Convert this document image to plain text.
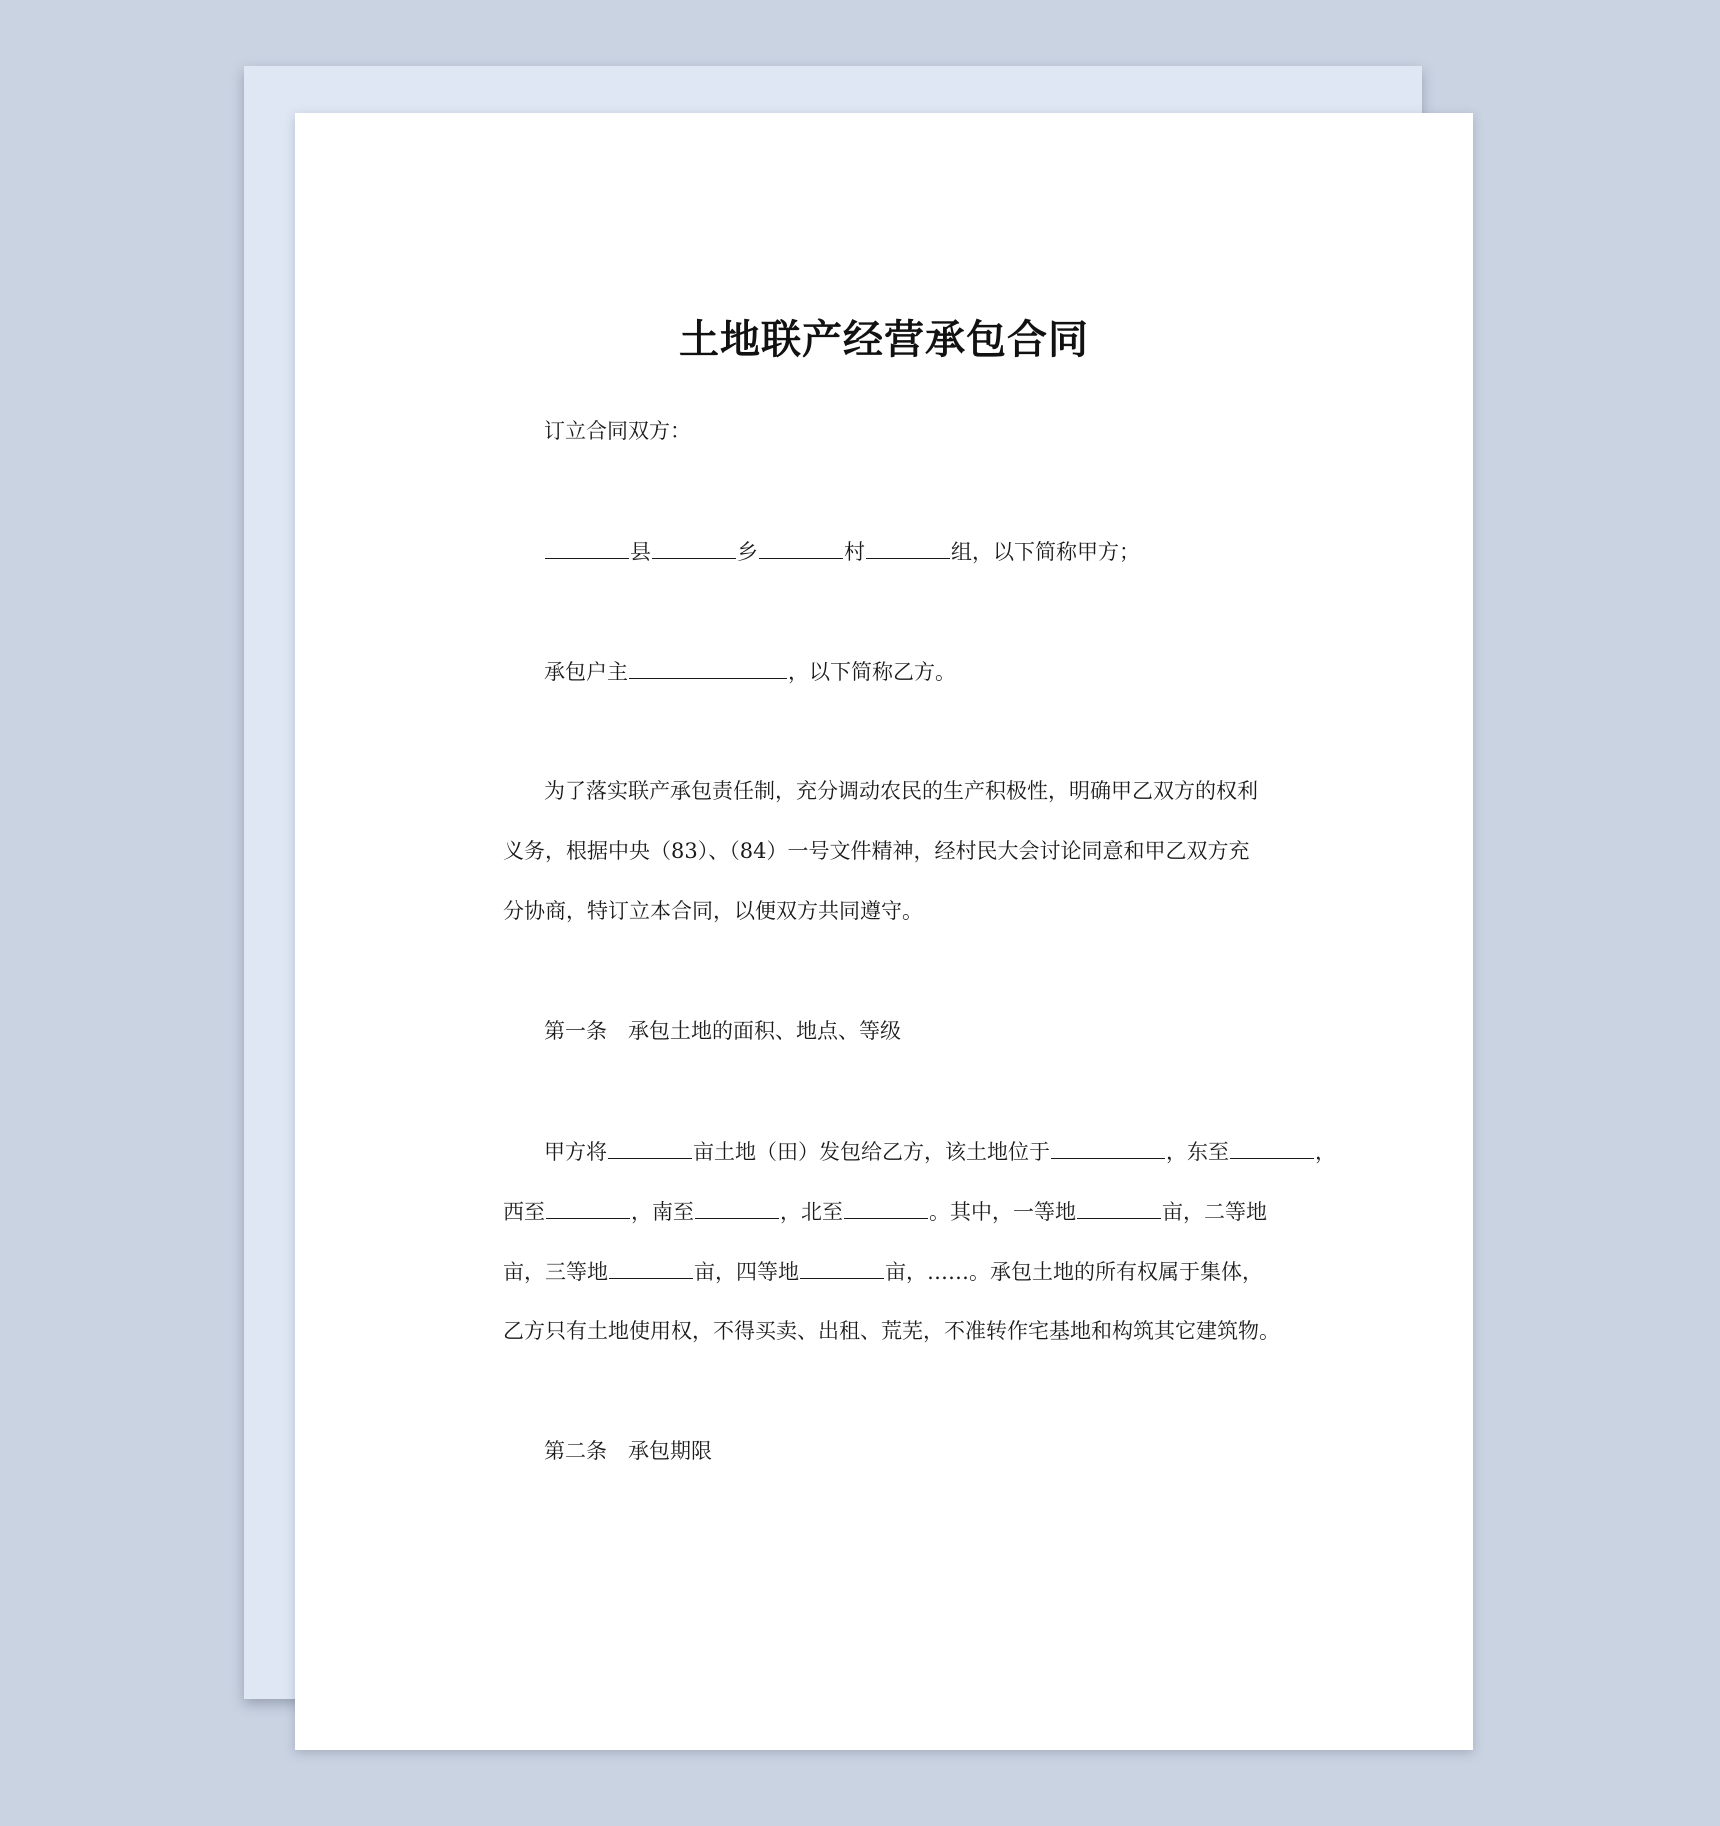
土地联产经营承包合同
订立合同双方：
县	乡	村	组，以下简称甲方；
承包户主	，以下简称乙方。
为了落实联产承包责任制，充分调动农民的生产积极性，明确甲乙双方的权利
义务，根据中央（83）、（84）一号文件精神，经村民大会讨论同意和甲乙双方充
分协商，特订立本合同，以便双方共同遵守。
第一条　承包土地的面积、地点、等级
甲方将	亩土地（田）发包给乙方，该土地位于	，东至	，
西至	，南至	，北至	。其中，一等地	亩，二等地
亩，三等地	亩，四等地	亩，……。承包土地的所有权属于集体，
乙方只有土地使用权，不得买卖、出租、荒芜，不准转作宅基地和构筑其它建筑物。
第二条　承包期限
